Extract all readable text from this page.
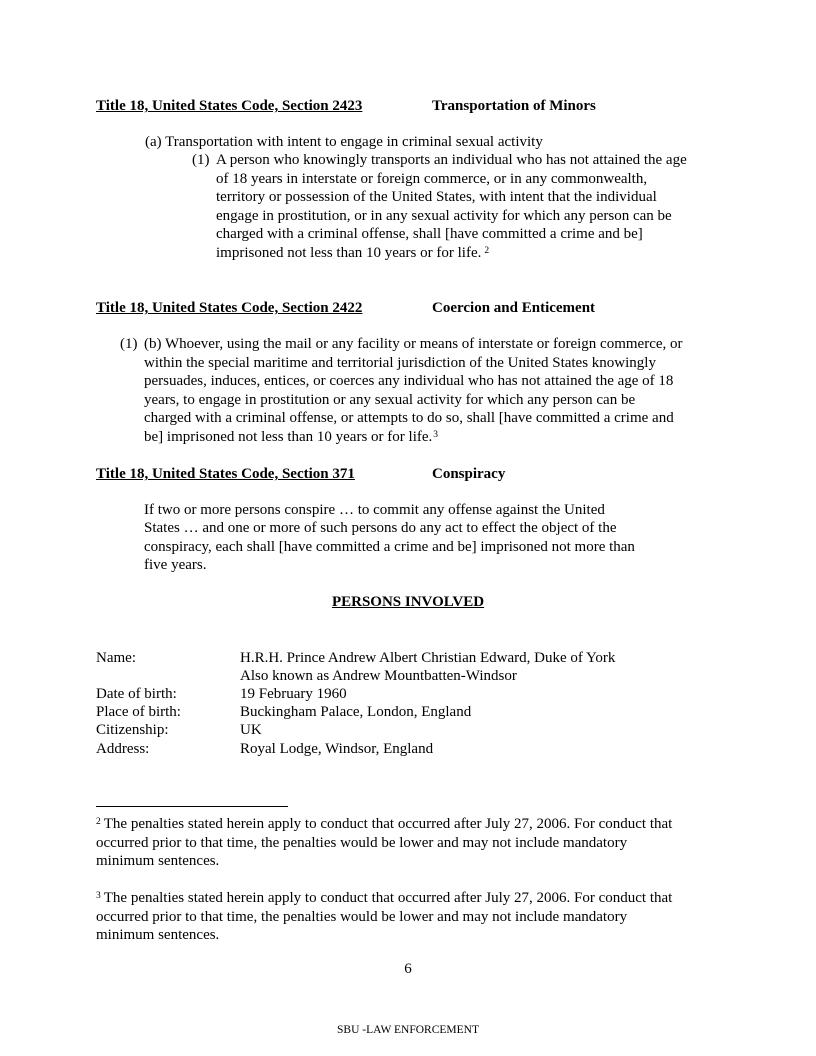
Title 18, United States Code, Section 2423	Transportation of Minors
(a) Transportation with intent to engage in criminal sexual activity
(1) A person who knowingly transports an individual who has not attained the age
of 18 years in interstate or foreign commerce, or in any commonwealth,
territory or possession of the United States, with intent that the individual
engage in prostitution, or in any sexual activity for which any person can be
charged with a criminal offense, shall [have committed a crime and be]
imprisoned not less than 10 years or for life. $^2$
Title 18, United States Code, Section 2422	Coercion and Enticement
(1) (b) Whoever, using the mail or any facility or means of interstate or foreign commerce, or
within the special maritime and territorial jurisdiction of the United States knowingly
persuades, induces, entices, or coerces any individual who has not attained the age of 18
years, to engage in prostitution or any sexual activity for which any person can be
charged with a criminal offense, or attempts to do so, shall [have committed a crime and
be] imprisoned not less than 10 years or for life.$^3$
Title 18, United States Code, Section 371	Conspiracy
If two or more persons conspire … to commit any offense against the United
States … and one or more of such persons do any act to effect the object of the
conspiracy, each shall [have committed a crime and be] imprisoned not more than
five years.
PERSONS INVOLVED
Name:	H.R.H. Prince Andrew Albert Christian Edward, Duke of York
Also known as Andrew Mountbatten-Windsor
Date of birth:	19 February 1960
Place of birth:	Buckingham Palace, London, England
Citizenship:	UK
Address:	Royal Lodge, Windsor, England
$^2$ The penalties stated herein apply to conduct that occurred after July 27, 2006. For conduct that
occurred prior to that time, the penalties would be lower and may not include mandatory
minimum sentences.
$^3$ The penalties stated herein apply to conduct that occurred after July 27, 2006. For conduct that
occurred prior to that time, the penalties would be lower and may not include mandatory
minimum sentences.
6
SBU -LAW ENFORCEMENT
